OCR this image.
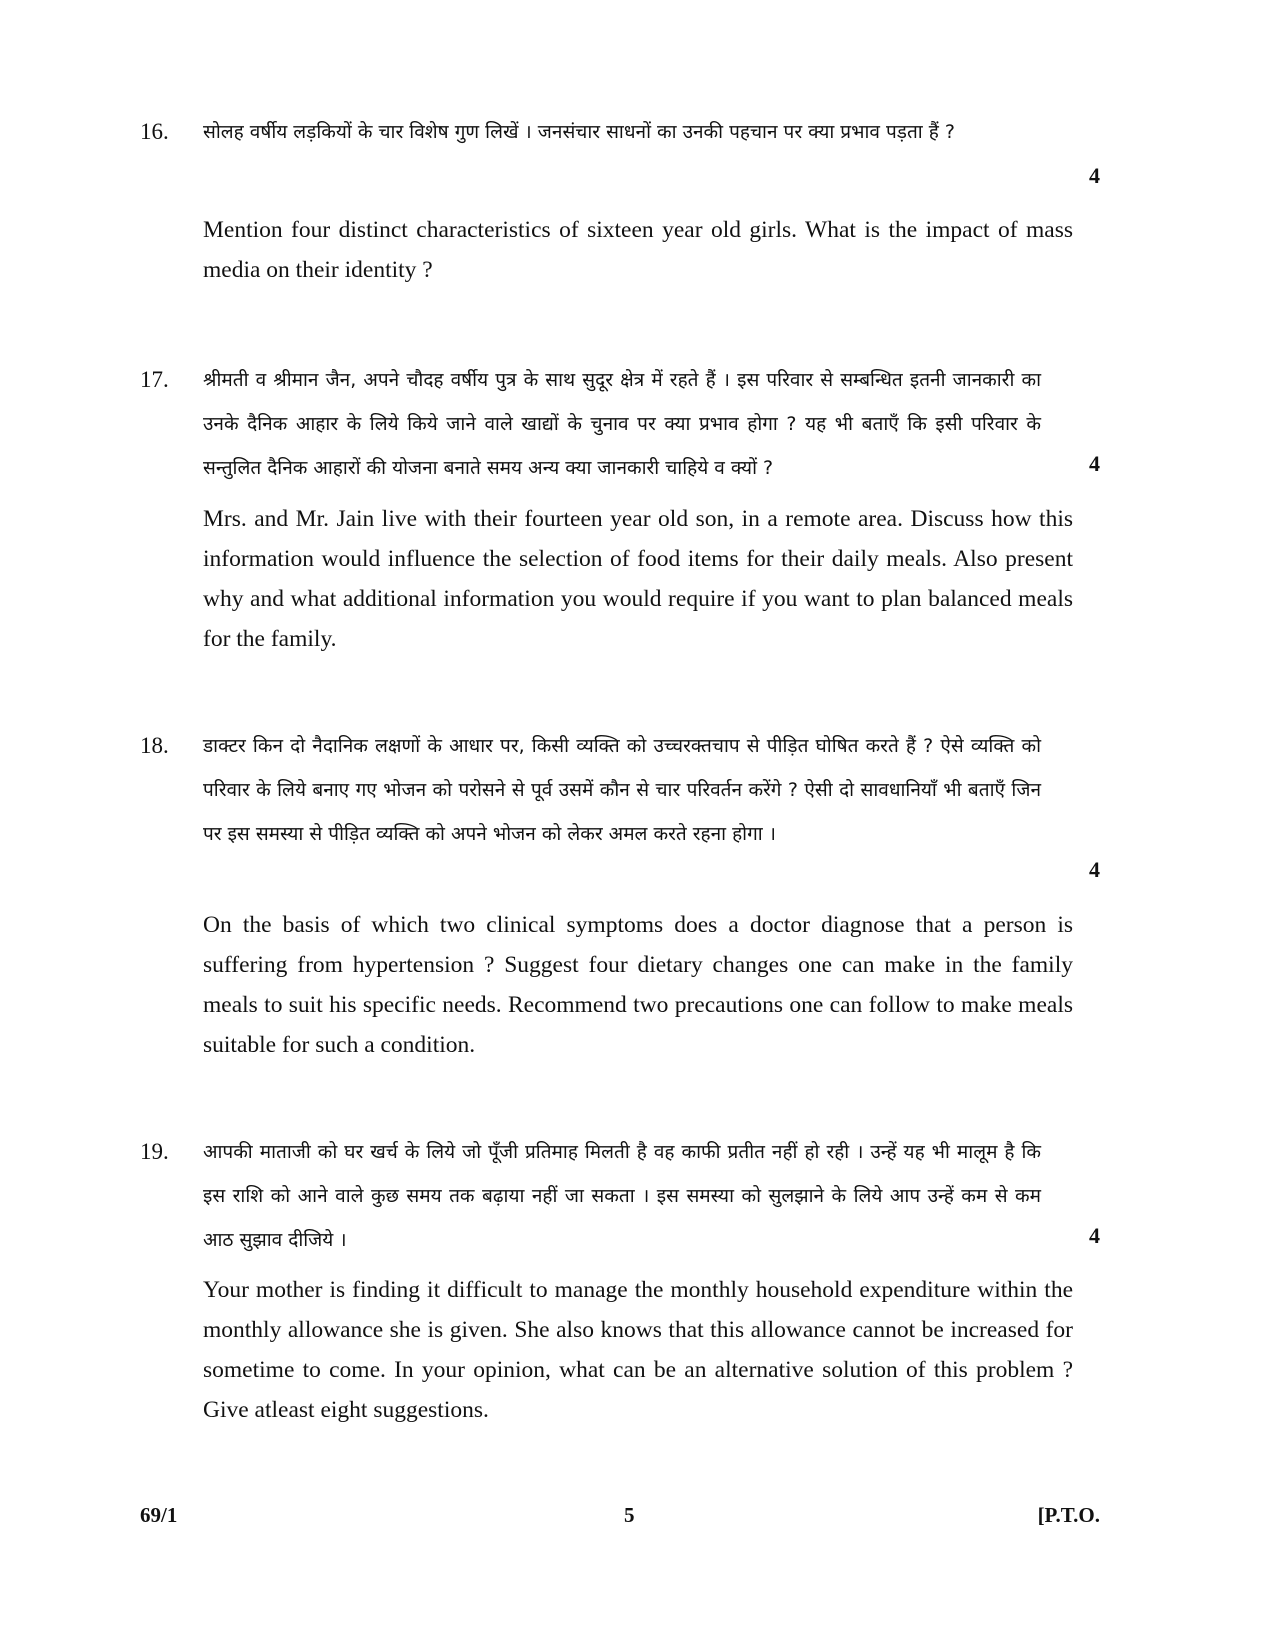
16. सोलह वर्षीय लड़कियों के चार विशेष गुण लिखें । जनसंचार साधनों का उनकी पहचान पर क्या प्रभाव पड़ता हैं ?

4

Mention four distinct characteristics of sixteen year old girls. What is the impact of mass media on their identity ?

17. श्रीमती व श्रीमान जैन, अपने चौदह वर्षीय पुत्र के साथ सुदूर क्षेत्र में रहते हैं । इस परिवार से सम्बन्धित इतनी जानकारी का उनके दैनिक आहार के लिये किये जाने वाले खाद्यों के चुनाव पर क्या प्रभाव होगा ? यह भी बताएँ कि इसी परिवार के सन्तुलित दैनिक आहारों की योजना बनाते समय अन्य क्या जानकारी चाहिये व क्यों ?	4

Mrs. and Mr. Jain live with their fourteen year old son, in a remote area. Discuss how this information would influence the selection of food items for their daily meals. Also present why and what additional information you would require if you want to plan balanced meals for the family.

18. डाक्टर किन दो नैदानिक लक्षणों के आधार पर, किसी व्यक्ति को उच्चरक्तचाप से पीड़ित घोषित करते हैं ? ऐसे व्यक्ति को परिवार के लिये बनाए गए भोजन को परोसने से पूर्व उसमें कौन से चार परिवर्तन करेंगे ? ऐसी दो सावधानियाँ भी बताएँ जिन पर इस समस्या से पीड़ित व्यक्ति को अपने भोजन को लेकर अमल करते रहना होगा ।

4

On the basis of which two clinical symptoms does a doctor diagnose that a person is suffering from hypertension ? Suggest four dietary changes one can make in the family meals to suit his specific needs. Recommend two precautions one can follow to make meals suitable for such a condition.

19. आपकी माताजी को घर खर्च के लिये जो पूँजी प्रतिमाह मिलती है वह काफी प्रतीत नहीं हो रही । उन्हें यह भी मालूम है कि इस राशि को आने वाले कुछ समय तक बढ़ाया नहीं जा सकता । इस समस्या को सुलझाने के लिये आप उन्हें कम से कम आठ सुझाव दीजिये ।	4

Your mother is finding it difficult to manage the monthly household expenditure within the monthly allowance she is given. She also knows that this allowance cannot be increased for sometime to come. In your opinion, what can be an alternative solution of this problem ? Give atleast eight suggestions.

69/1	5	[P.T.O.
